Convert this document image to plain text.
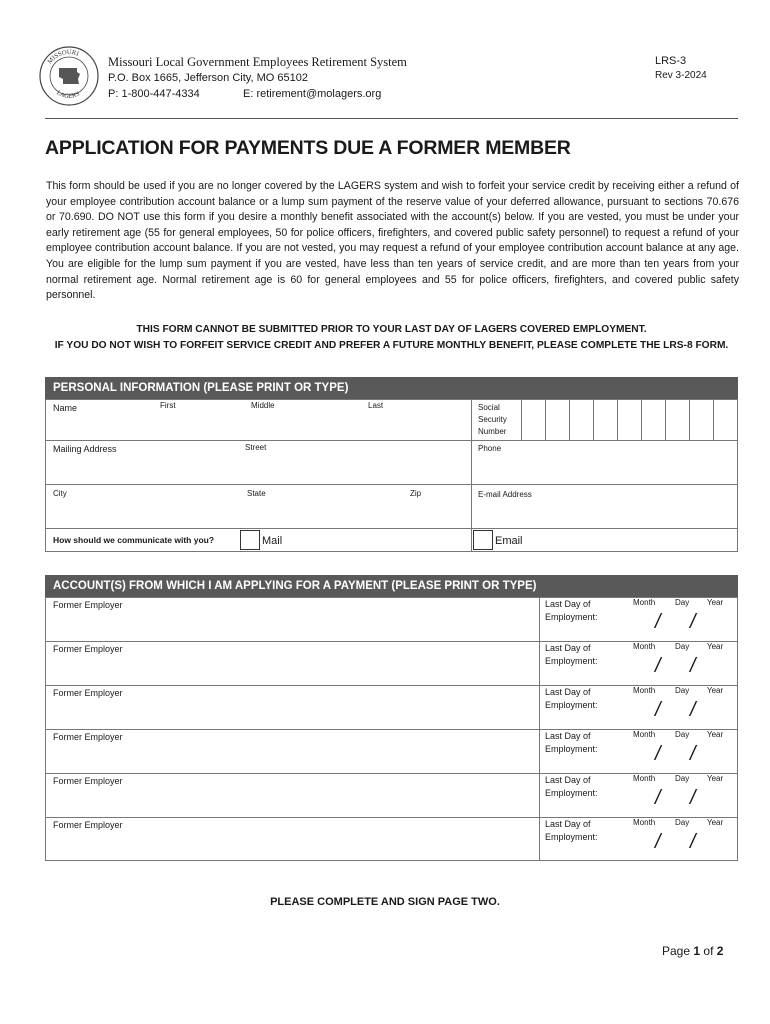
MISSOURI
LAGERS
Missouri Local Government Employees Retirement System
P.O. Box 1665, Jefferson City, MO 65102
P: 1-800-447-4334	E: retirement@molagers.org
LRS-3
Rev 3-2024
APPLICATION FOR PAYMENTS DUE A FORMER MEMBER
This form should be used if you are no longer covered by the LAGERS system and wish to forfeit your service credit by receiving either a refund of your employee contribution account balance or a lump sum payment of the reserve value of your deferred allowance, pursuant to sections 70.676 or 70.690. DO NOT use this form if you desire a monthly benefit associated with the account(s) below. If you are vested, you must be under your early retirement age (55 for general employees, 50 for police officers, firefighters, and covered public safety personnel) to request a refund of your employee contribution account balance. If you are not vested, you may request a refund of your employee contribution account balance at any age. You are eligible for the lump sum payment if you are vested, have less than ten years of service credit, and are more than ten years from your normal retirement age. Normal retirement age is 60 for general employees and 55 for police officers, firefighters, and covered public safety personnel.
THIS FORM CANNOT BE SUBMITTED PRIOR TO YOUR LAST DAY OF LAGERS COVERED EMPLOYMENT.
IF YOU DO NOT WISH TO FORFEIT SERVICE CREDIT AND PREFER A FUTURE MONTHLY BENEFIT, PLEASE COMPLETE THE LRS-8 FORM.
PERSONAL INFORMATION (PLEASE PRINT OR TYPE)
Name	First	Middle	Last	Social Security Number
Mailing Address	Street	Phone
City	State	Zip	E-mail Address
How should we communicate with you?	Mail	Email
ACCOUNT(S) FROM WHICH I AM APPLYING FOR A PAYMENT (PLEASE PRINT OR TYPE)
Former Employer	Last Day of Employment:
Month Day Year
/ /
Former Employer	Last Day of Employment:
Month Day Year
/ /
Former Employer	Last Day of Employment:
Month Day Year
/ /
Former Employer	Last Day of Employment:
Month Day Year
/ /
Former Employer	Last Day of Employment:
Month Day Year
/ /
Former Employer	Last Day of Employment:
Month Day Year
/ /
PLEASE COMPLETE AND SIGN PAGE TWO.
Page 1 of 2
